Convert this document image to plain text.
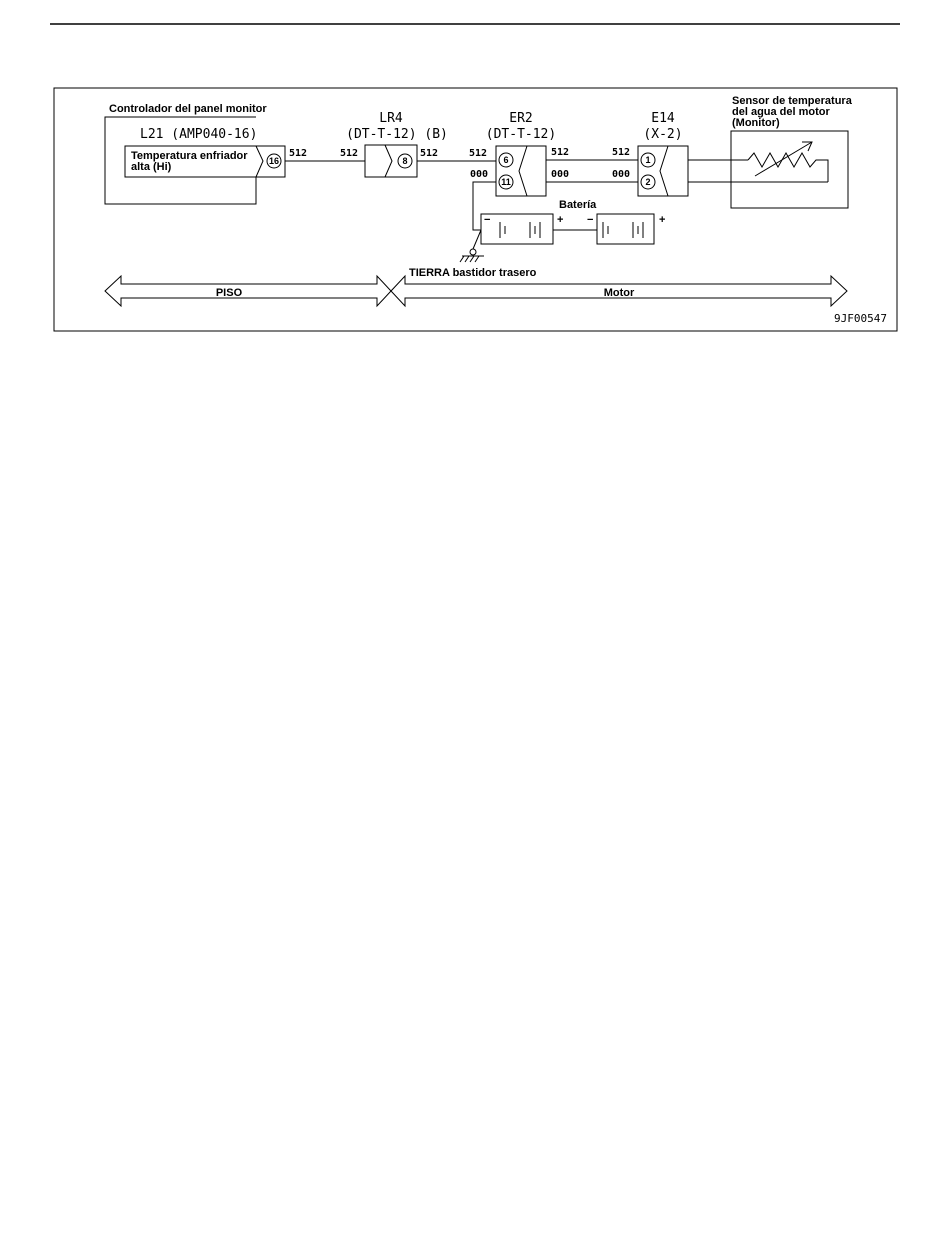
Controlador del panel monitor
L21 (AMP040-16)
Temperatura enfriador
alta (Hi)	16
512	512
LR4
(DT-T-12) (B)
8
512	512
ER2
(DT-T-12)
6
11
000
512	512
000	000
E14
(X-2)
1
2
Sensor de temperatura
del agua del motor
(Monitor)
Batería
−	+ −	+
TIERRA bastidor trasero
PISO	Motor
9JF00547
